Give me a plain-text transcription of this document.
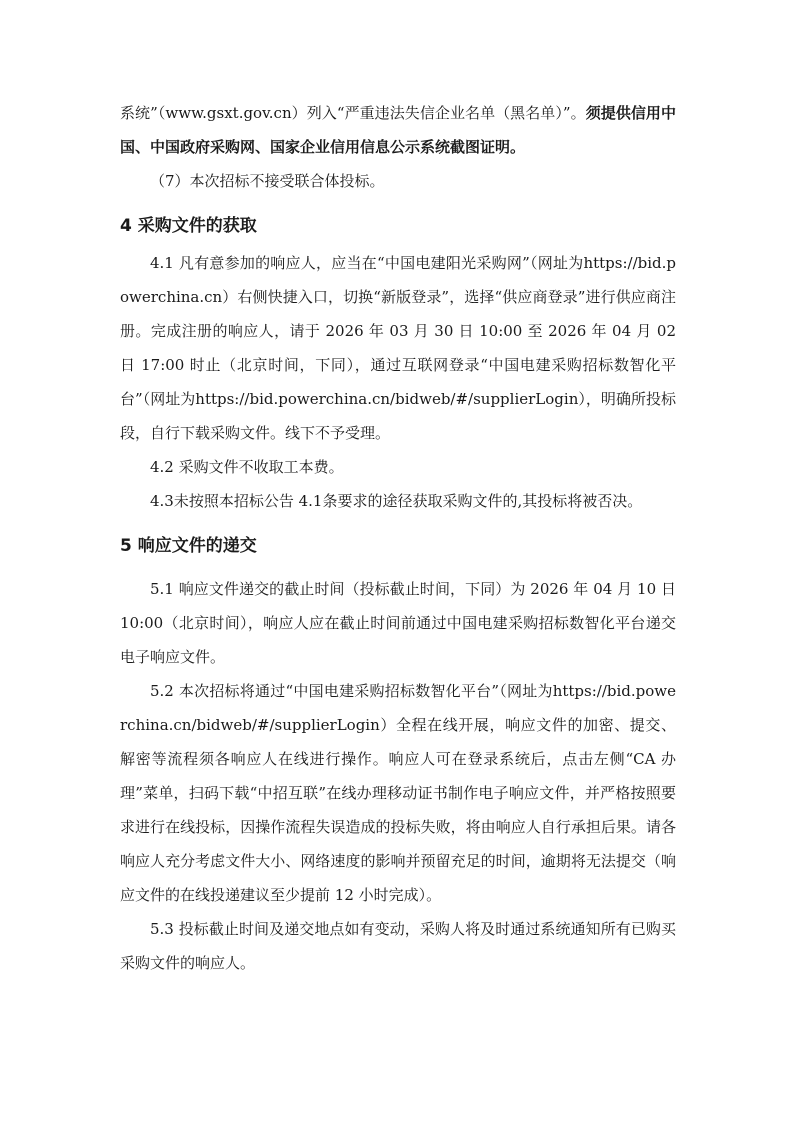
系统”（www.gsxt.gov.cn）列入“严重违法失信企业名单（黑名单）”。须提供信用中国、中国政府采购网、国家企业信用信息公示系统截图证明。

（7）本次招标不接受联合体投标。

4 采购文件的获取

4.1 凡有意参加的响应人，应当在“中国电建阳光采购网”（网址为https://bid.powerchina.cn）右侧快捷入口，切换“新版登录”，选择“供应商登录”进行供应商注册。完成注册的响应人，请于 2026 年 03 月 30 日 10:00 至 2026 年 04 月 02 日 17:00 时止（北京时间，下同），通过互联网登录“中国电建采购招标数智化平台”（网址为https://bid.powerchina.cn/bidweb/#/supplierLogin），明确所投标段，自行下载采购文件。线下不予受理。

4.2 采购文件不收取工本费。

4.3未按照本招标公告 4.1条要求的途径获取采购文件的,其投标将被否决。

5 响应文件的递交

5.1 响应文件递交的截止时间（投标截止时间，下同）为 2026 年 04 月 10 日 10:00（北京时间），响应人应在截止时间前通过中国电建采购招标数智化平台递交电子响应文件。

5.2 本次招标将通过“中国电建采购招标数智化平台”（网址为https://bid.powerchina.cn/bidweb/#/supplierLogin）全程在线开展，响应文件的加密、提交、解密等流程须各响应人在线进行操作。响应人可在登录系统后，点击左侧“CA 办理”菜单，扫码下载“中招互联”在线办理移动证书制作电子响应文件，并严格按照要求进行在线投标，因操作流程失误造成的投标失败，将由响应人自行承担后果。请各响应人充分考虑文件大小、网络速度的影响并预留充足的时间，逾期将无法提交（响应文件的在线投递建议至少提前 12 小时完成）。

5.3 投标截止时间及递交地点如有变动，采购人将及时通过系统通知所有已购买采购文件的响应人。
